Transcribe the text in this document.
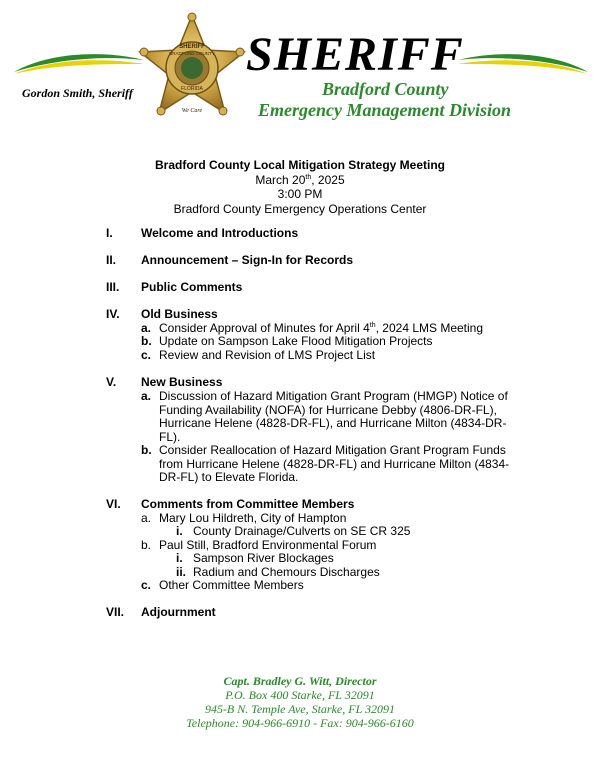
SHERIFF
BRADFORD COUNTY
FLORIDA
We Care
SHERIFF
Gordon Smith, Sheriff	Bradford County
Emergency Management Division
Bradford County Local Mitigation Strategy Meeting
March 20th, 2025
3:00 PM
Bradford County Emergency Operations Center
I. Welcome and Introductions
II. Announcement – Sign-In for Records
III. Public Comments
IV. Old Business
a. Consider Approval of Minutes for April 4th, 2024 LMS Meeting
b. Update on Sampson Lake Flood Mitigation Projects
c. Review and Revision of LMS Project List
V. New Business
a. Discussion of Hazard Mitigation Grant Program (HMGP) Notice of Funding Availability (NOFA) for Hurricane Debby (4806-DR-FL), Hurricane Helene (4828-DR-FL), and Hurricane Milton (4834-DR-FL).
b. Consider Reallocation of Hazard Mitigation Grant Program Funds from Hurricane Helene (4828-DR-FL) and Hurricane Milton (4834-DR-FL) to Elevate Florida.
VI. Comments from Committee Members
a. Mary Lou Hildreth, City of Hampton
i. County Drainage/Culverts on SE CR 325
b. Paul Still, Bradford Environmental Forum
i. Sampson River Blockages
ii. Radium and Chemours Discharges
c. Other Committee Members
VII. Adjournment
Capt. Bradley G. Witt, Director
P.O. Box 400 Starke, FL 32091
945-B N. Temple Ave, Starke, FL 32091
Telephone: 904-966-6910 - Fax: 904-966-6160
